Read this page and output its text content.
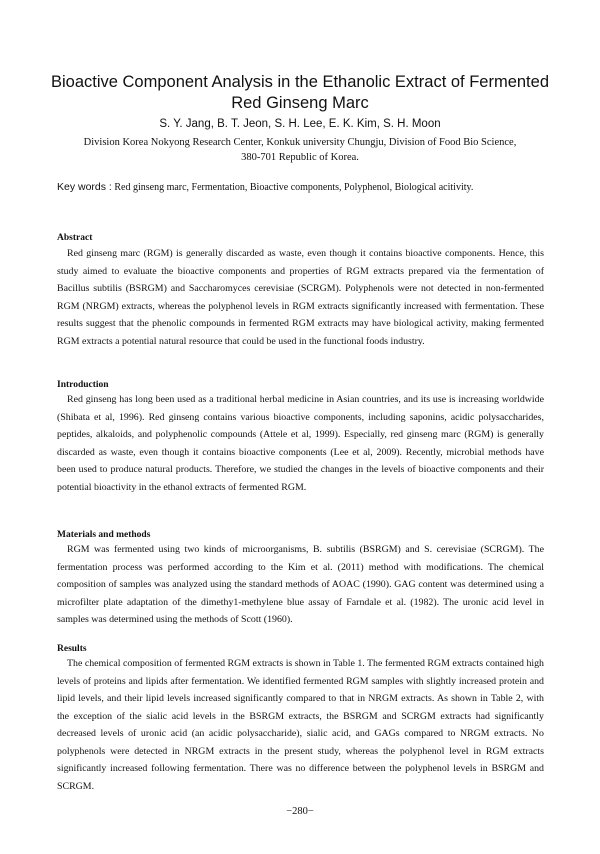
Bioactive Component Analysis in the Ethanolic Extract of Fermented
Red Ginseng Marc
S. Y. Jang, B. T. Jeon, S. H. Lee, E. K. Kim, S. H. Moon
Division Korea Nokyong Research Center, Konkuk university Chungju, Division of Food Bio Science,
380-701 Republic of Korea.
Key words : Red ginseng marc, Fermentation, Bioactive components, Polyphenol, Biological acitivity.
Abstract

Red ginseng marc (RGM) is generally discarded as waste, even though it contains bioactive components. Hence, this study aimed to evaluate the bioactive components and properties of RGM extracts prepared via the fermentation of Bacillus subtilis (BSRGM) and Saccharomyces cerevisiae (SCRGM). Polyphenols were not detected in non-fermented RGM (NRGM) extracts, whereas the polyphenol levels in RGM extracts significantly increased with fermentation. These results suggest that the phenolic compounds in fermented RGM extracts may have biological activity, making fermented RGM extracts a potential natural resource that could be used in the functional foods industry.

Introduction

Red ginseng has long been used as a traditional herbal medicine in Asian countries, and its use is increasing worldwide (Shibata et al, 1996). Red ginseng contains various bioactive components, including saponins, acidic polysaccharides, peptides, alkaloids, and polyphenolic compounds (Attele et al, 1999). Especially, red ginseng marc (RGM) is generally discarded as waste, even though it contains bioactive components (Lee et al, 2009). Recently, microbial methods have been used to produce natural products. Therefore, we studied the changes in the levels of bioactive components and their potential bioactivity in the ethanol extracts of fermented RGM.

Materials and methods

RGM was fermented using two kinds of microorganisms, B. subtilis (BSRGM) and S. cerevisiae (SCRGM). The fermentation process was performed according to the Kim et al. (2011) method with modifications. The chemical composition of samples was analyzed using the standard methods of AOAC (1990). GAG content was determined using a microfilter plate adaptation of the dimethy1-methylene blue assay of Farndale et al. (1982). The uronic acid level in samples was determined using the methods of Scott (1960).

Results

The chemical composition of fermented RGM extracts is shown in Table 1. The fermented RGM extracts contained high levels of proteins and lipids after fermentation. We identified fermented RGM samples with slightly increased protein and lipid levels, and their lipid levels increased significantly compared to that in NRGM extracts. As shown in Table 2, with the exception of the sialic acid levels in the BSRGM extracts, the BSRGM and SCRGM extracts had significantly decreased levels of uronic acid (an acidic polysaccharide), sialic acid, and GAGs compared to NRGM extracts. No polyphenols were detected in NRGM extracts in the present study, whereas the polyphenol level in RGM extracts significantly increased following fermentation. There was no difference between the polyphenol levels in BSRGM and SCRGM.

−280−
